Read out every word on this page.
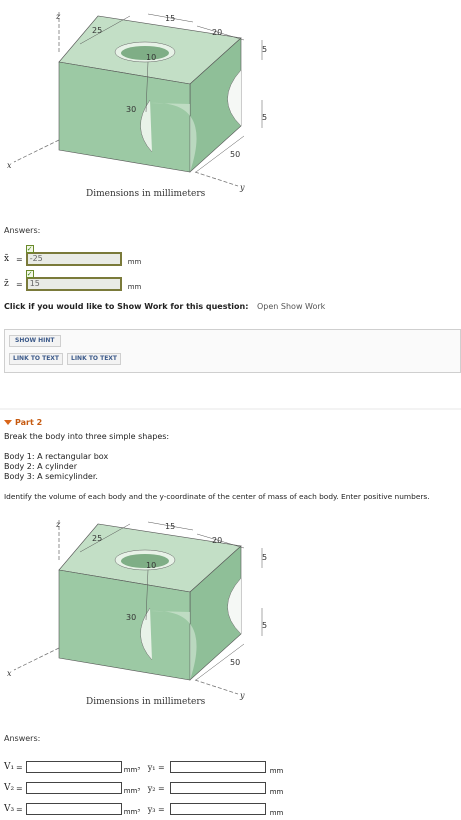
25
15
20
10
30
5
5
50
z
x
y
Dimensions in millimeters
Answers:
x̄ =
✓
-25	mm
z̄ =
✓
15	mm
Click if you would like to Show Work for this question: Open Show Work
SHOW HINT
LINK TO TEXT	LINK TO TEXT
Part 2
Break the body into three simple shapes:
Body 1: A rectangular box
Body 2: A cylinder
Body 3: A semicylinder.
Identify the volume of each body and the y-coordinate of the center of mass of each body. Enter positive numbers.
25
15
20
10
30
5
5
50
z
x
y
Dimensions in millimeters
Answers:
V₁ =	mm³ y₁ =	mm
V₂ =	mm³ y₂ =	mm
V₃ =	mm³ y₃ =	mm
